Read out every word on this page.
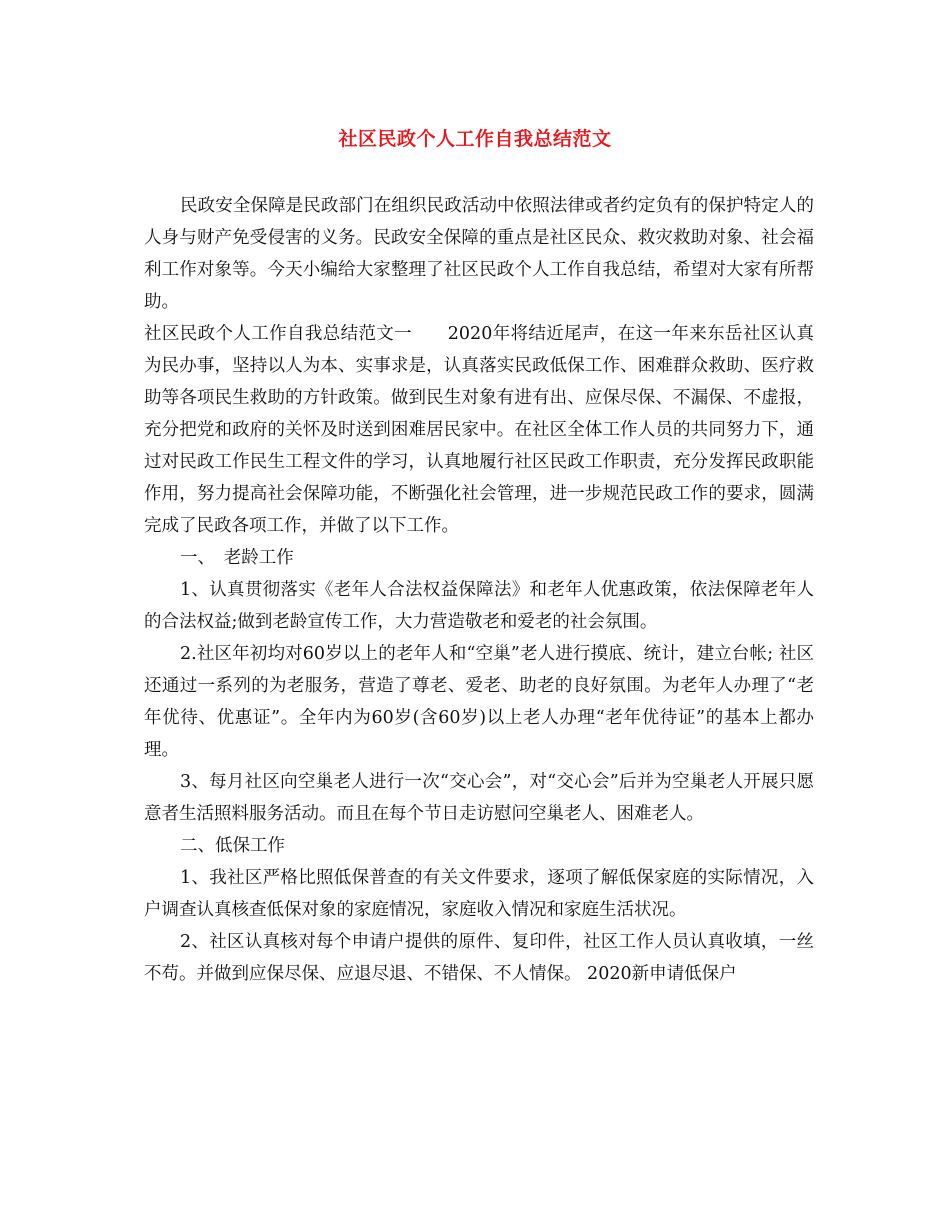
社区民政个人工作自我总结范文

民政安全保障是民政部门在组织民政活动中依照法律或者约定负有的保护特定人的人身与财产免受侵害的义务。民政安全保障的重点是社区民众、救灾救助对象、社会福利工作对象等。今天小编给大家整理了社区民政个人工作自我总结，希望对大家有所帮助。

社区民政个人工作自我总结范文一　　2020年将结近尾声，在这一年来东岳社区认真为民办事，坚持以人为本、实事求是，认真落实民政低保工作、困难群众救助、医疗救助等各项民生救助的方针政策。做到民生对象有进有出、应保尽保、不漏保、不虚报，充分把党和政府的关怀及时送到困难居民家中。在社区全体工作人员的共同努力下，通过对民政工作民生工程文件的学习，认真地履行社区民政工作职责，充分发挥民政职能作用，努力提高社会保障功能，不断强化社会管理，进一步规范民政工作的要求，圆满完成了民政各项工作，并做了以下工作。

一、　老龄工作

1、认真贯彻落实《老年人合法权益保障法》和老年人优惠政策，依法保障老年人的合法权益;做到老龄宣传工作，大力营造敬老和爱老的社会氛围。

2.社区年初均对60岁以上的老年人和“空巢”老人进行摸底、统计，建立台帐; 社区还通过一系列的为老服务，营造了尊老、爱老、助老的良好氛围。为老年人办理了“老年优待、优惠证”。全年内为60岁(含60岁)以上老人办理“老年优待证”的基本上都办理。

3、每月社区向空巢老人进行一次“交心会”，对“交心会”后并为空巢老人开展只愿意者生活照料服务活动。而且在每个节日走访慰问空巢老人、困难老人。

二、低保工作

1、我社区严格比照低保普查的有关文件要求，逐项了解低保家庭的实际情况，入户调查认真核查低保对象的家庭情况，家庭收入情况和家庭生活状况。

2、社区认真核对每个申请户提供的原件、复印件，社区工作人员认真收填，一丝不苟。并做到应保尽保、应退尽退、不错保、不人情保。 2020新申请低保户
